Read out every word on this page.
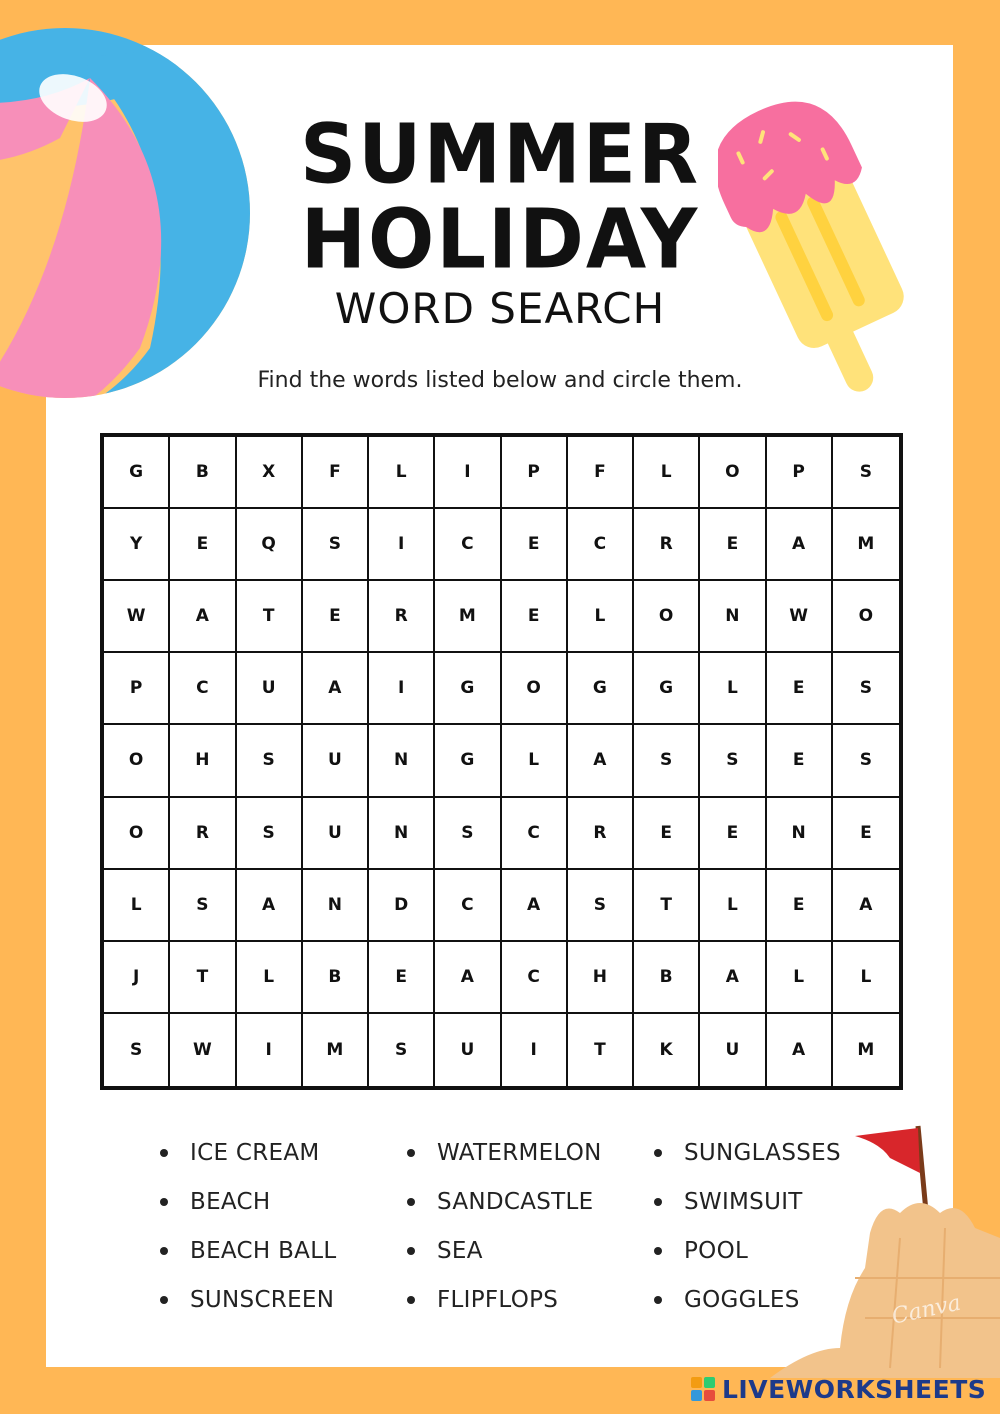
Canva
SUMMER
HOLIDAY
WORD SEARCH
Find the words listed below and circle them.
G	B	X	F	L	I	P	F	L	O	P	S
Y	E	Q	S	I	C	E	C	R	E	A	M
W	A	T	E	R	M	E	L	O	N	W	O
P	C	U	A	I	G	O	G	G	L	E	S
O	H	S	U	N	G	L	A	S	S	E	S
O	R	S	U	N	S	C	R	E	E	N	E
L	S	A	N	D	C	A	S	T	L	E	A
J	T	L	B	E	A	C	H	B	A	L	L
S	W	I	M	S	U	I	T	K	U	A	M
ICE CREAM
BEACH
BEACH BALL
SUNSCREEN
WATERMELON
SANDCASTLE
SEA
FLIPFLOPS
SUNGLASSES
SWIMSUIT
POOL
GOGGLES
LIVEWORKSHEETS
